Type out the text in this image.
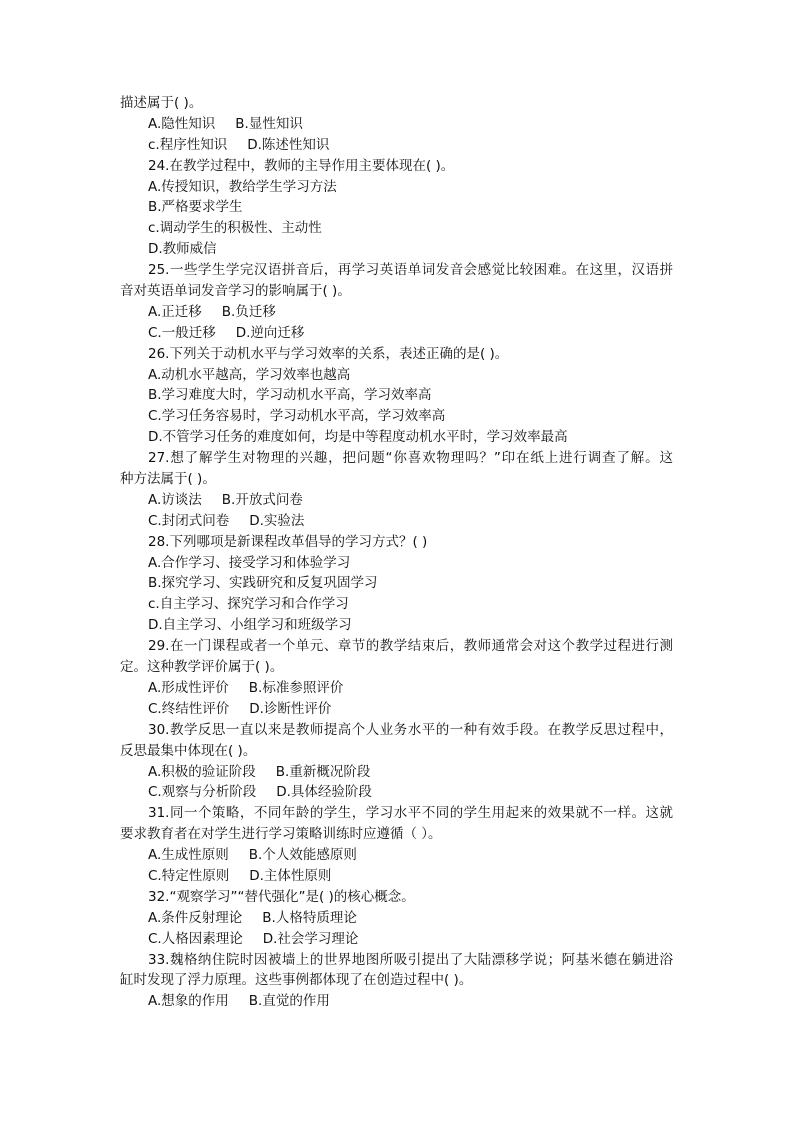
描述属于( )。
A.隐性知识 B.显性知识
c.程序性知识 D.陈述性知识
24.在教学过程中，教师的主导作用主要体现在( )。
A.传授知识，教给学生学习方法
B.严格要求学生
c.调动学生的积极性、主动性
D.教师威信
25.一些学生学完汉语拼音后，再学习英语单词发音会感觉比较困难。在这里，汉语拼
音对英语单词发音学习的影响属于( )。
A.正迁移 B.负迁移
C.一般迁移 D.逆向迁移
26.下列关于动机水平与学习效率的关系，表述正确的是( )。
A.动机水平越高，学习效率也越高
B.学习难度大时，学习动机水平高，学习效率高
C.学习任务容易时，学习动机水平高，学习效率高
D.不管学习任务的难度如何，均是中等程度动机水平时，学习效率最高
27.想了解学生对物理的兴趣，把问题“你喜欢物理吗？”印在纸上进行调查了解。这
种方法属于( )。
A.访谈法 B.开放式问卷
C.封闭式问卷 D.实验法
28.下列哪项是新课程改革倡导的学习方式？( )
A.合作学习、接受学习和体验学习
B.探究学习、实践研究和反复巩固学习
c.自主学习、探究学习和合作学习
D.自主学习、小组学习和班级学习
29.在一门课程或者一个单元、章节的教学结束后，教师通常会对这个教学过程进行测
定。这种教学评价属于( )。
A.形成性评价 B.标准参照评价
C.终结性评价 D.诊断性评价
30.教学反思一直以来是教师提高个人业务水平的一种有效手段。在教学反思过程中，
反思最集中体现在( )。
A.积极的验证阶段 B.重新概况阶段
C.观察与分析阶段 D.具体经验阶段
31.同一个策略，不同年龄的学生，学习水平不同的学生用起来的效果就不一样。这就
要求教育者在对学生进行学习策略训练时应遵循（ ）。
A.生成性原则 B.个人效能感原则
C.特定性原则 D.主体性原则
32.“观察学习”“替代强化”是( )的核心概念。
A.条件反射理论 B.人格特质理论
C.人格因素理论 D.社会学习理论
33.魏格纳住院时因被墙上的世界地图所吸引提出了大陆漂移学说；阿基米德在躺进浴
缸时发现了浮力原理。这些事例都体现了在创造过程中( )。
A.想象的作用 B.直觉的作用
